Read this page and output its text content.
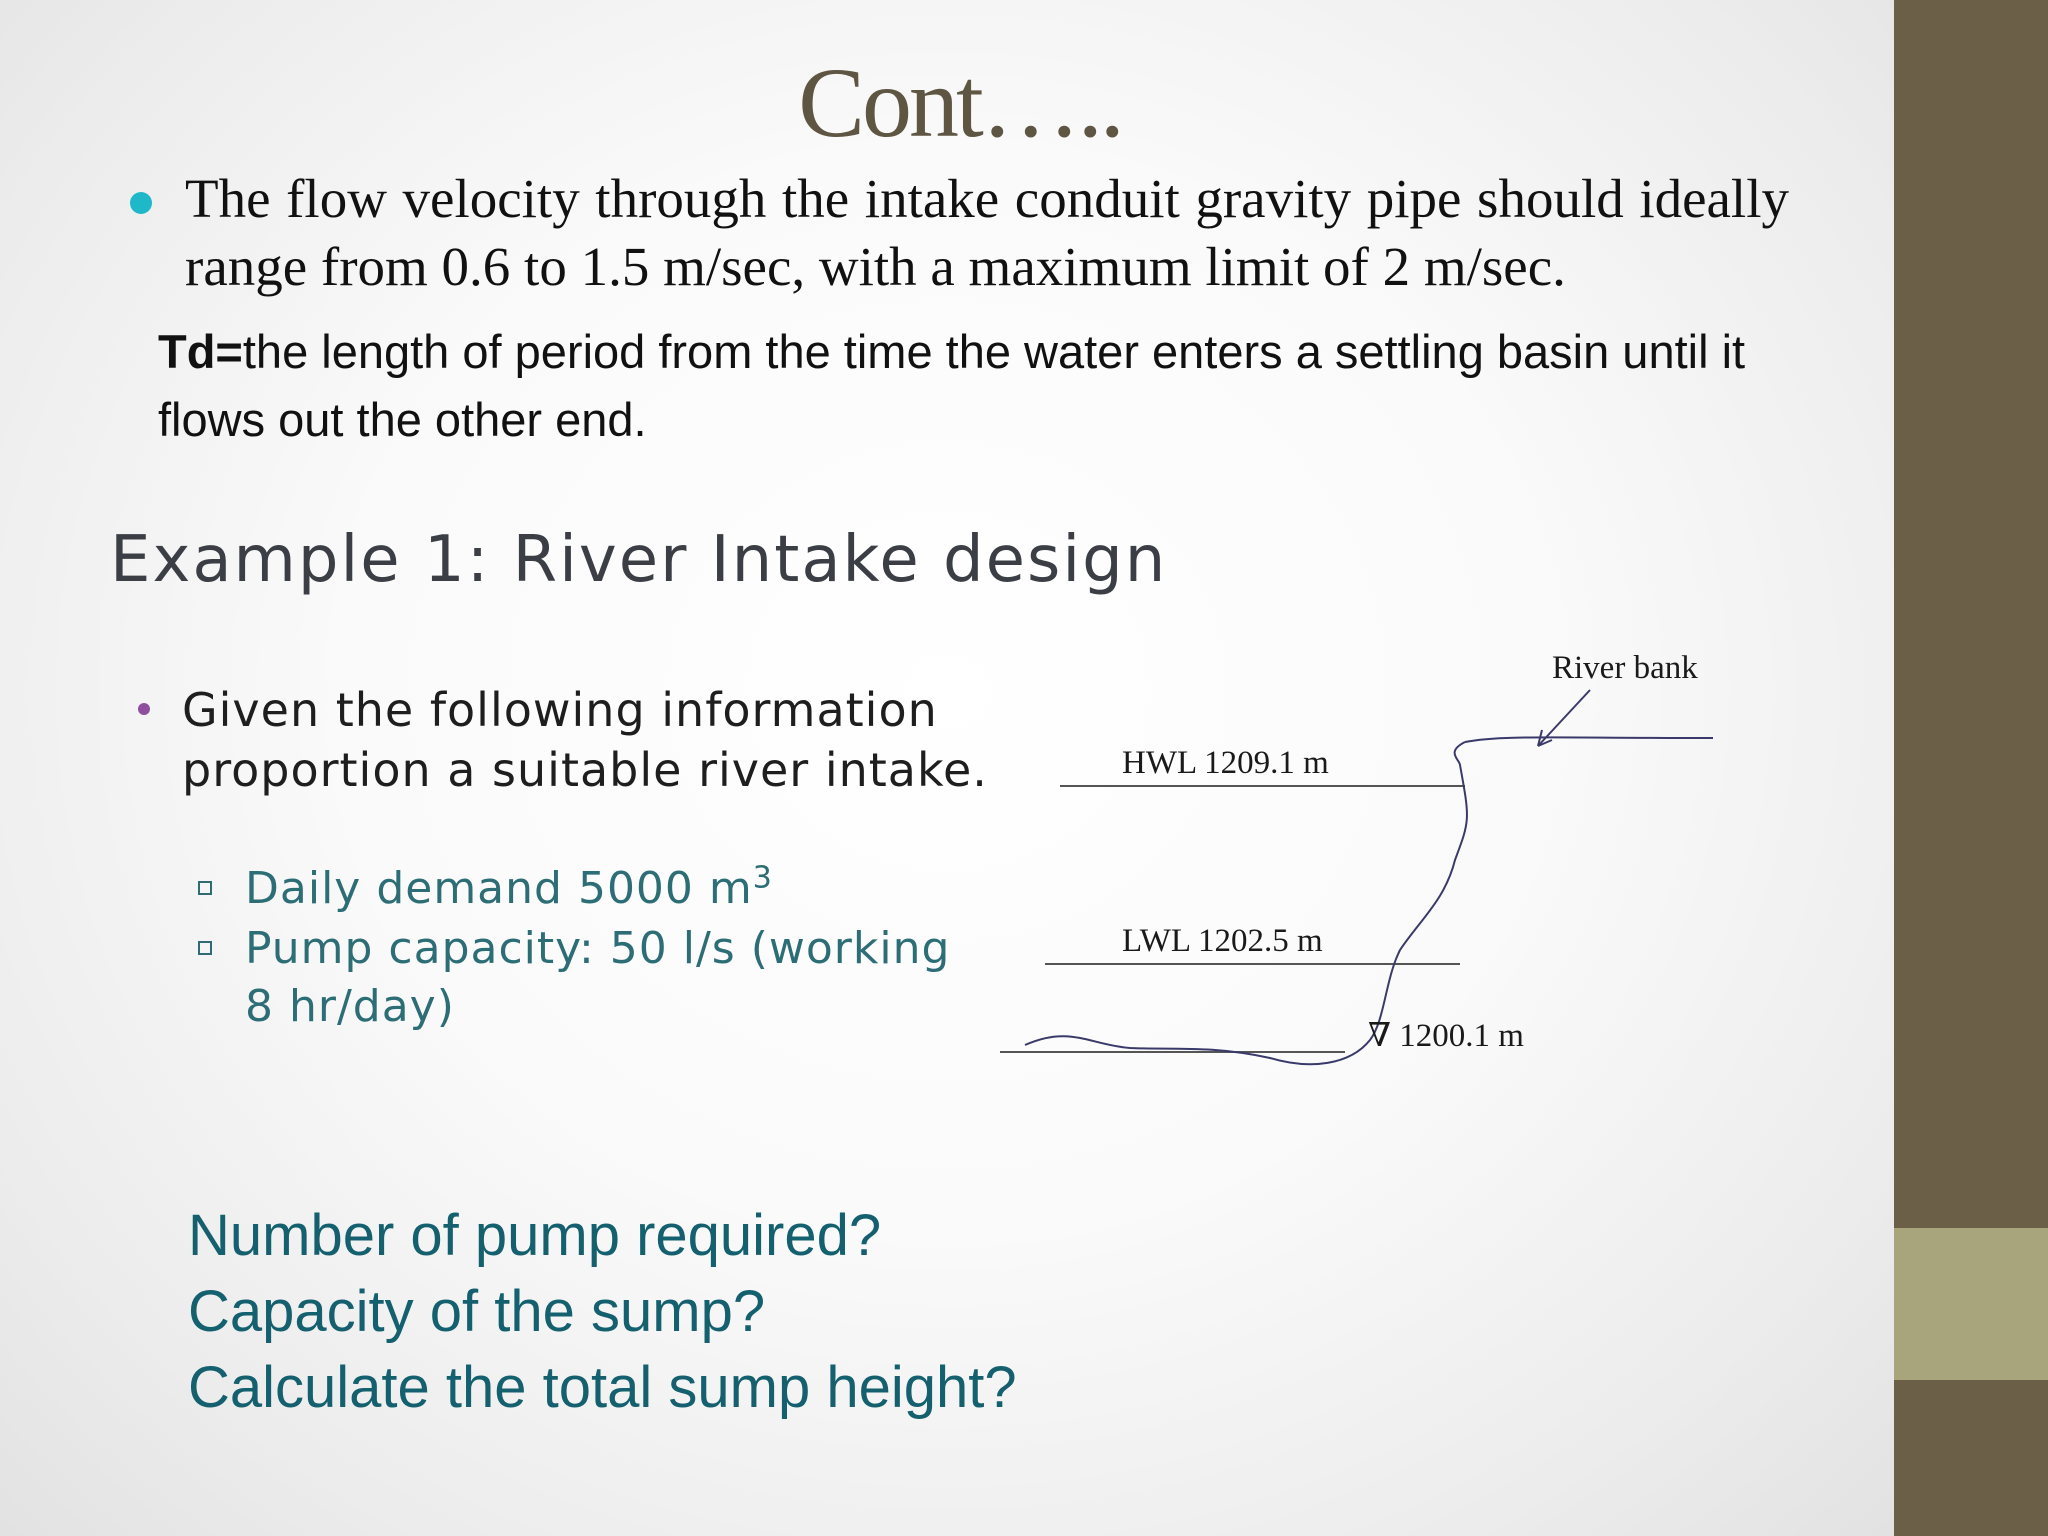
Cont…..
The flow velocity through the intake conduit gravity pipe should ideally range from 0.6 to 1.5 m/sec, with a maximum limit of 2 m/sec.
Td=the length of period from the time the water enters a settling basin until it flows out the other end.
Example 1: River Intake design
Given the following information proportion a suitable river intake.
Daily demand 5000 $m^3$
Pump capacity: 50 l/s (working 8 hr/day)
River bank
HWL 1209.1 m
LWL 1202.5 m
∇ 1200.1 m
Number of pump required?
Capacity of the sump?
Calculate the total sump height?
